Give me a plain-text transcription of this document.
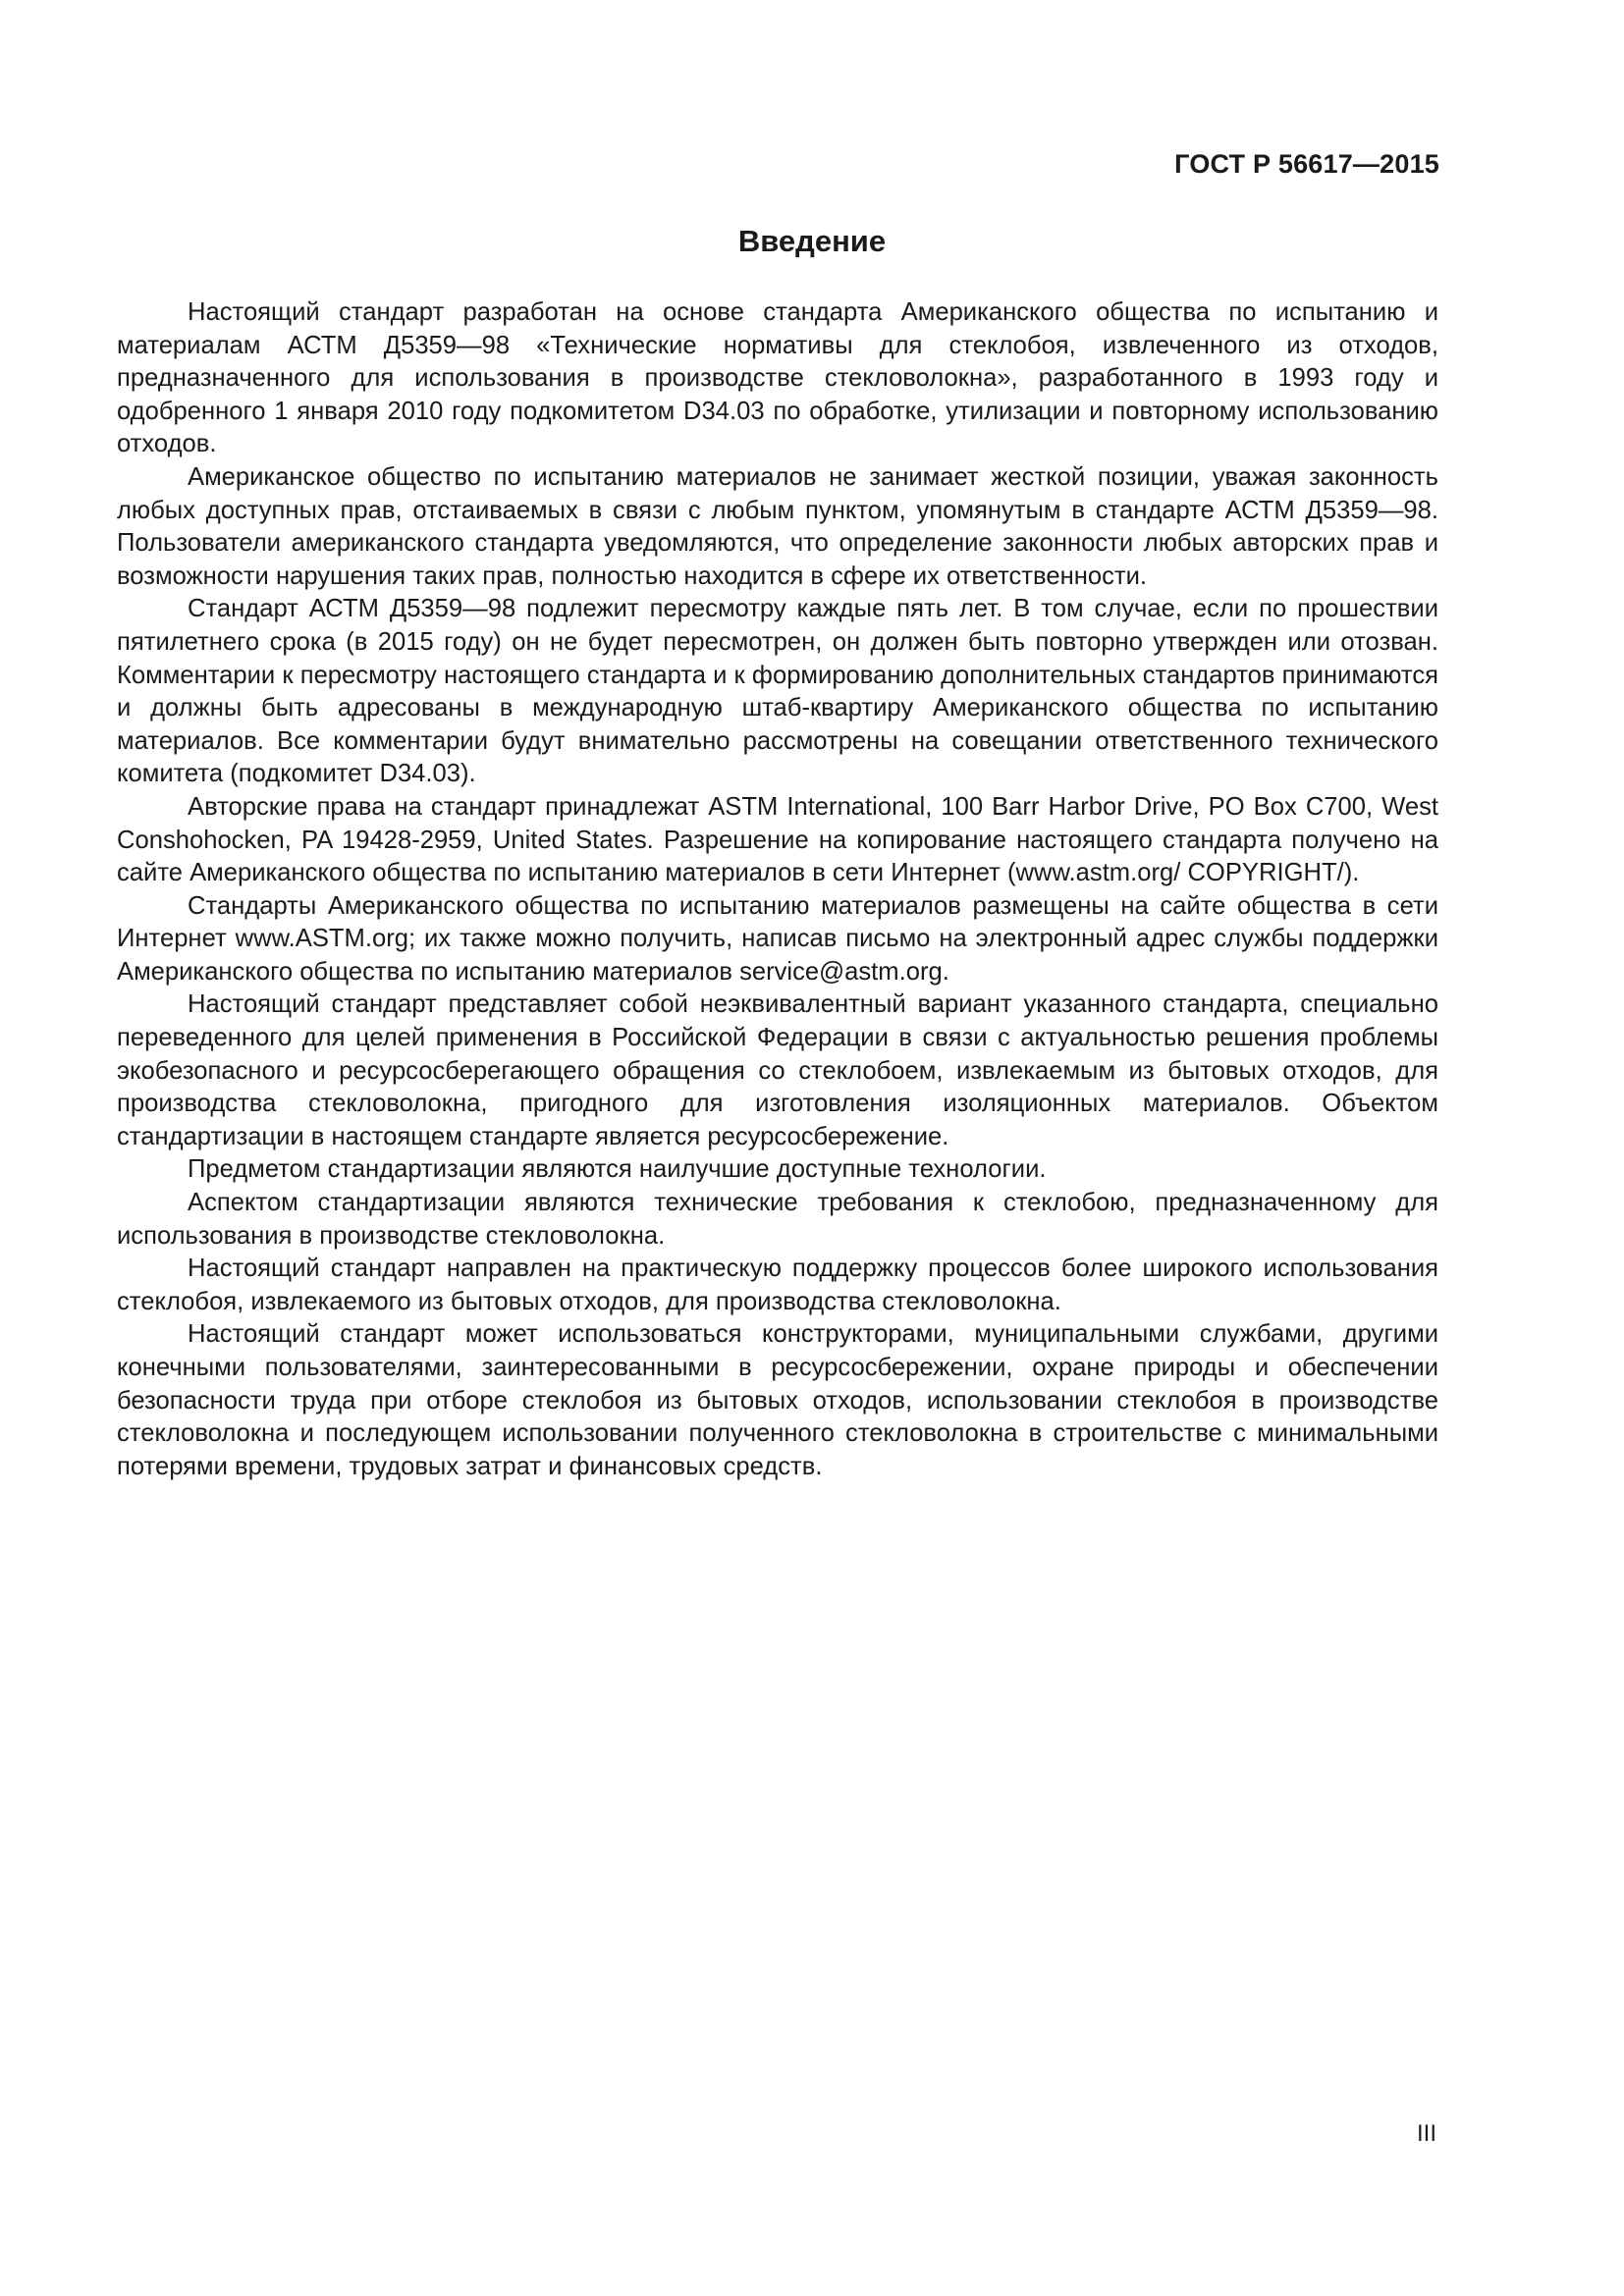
ГОСТ Р 56617—2015
Введение

Настоящий стандарт разработан на основе стандарта Американского общества по испытанию и материалам АСТМ Д5359—98 «Технические нормативы для стеклобоя, извлеченного из отходов, предназначенного для использования в производстве стекловолокна», разработанного в 1993 году и одобренного 1 января 2010 году подкомитетом D34.03 по обработке, утилизации и повторному использованию отходов.

Американское общество по испытанию материалов не занимает жесткой позиции, уважая законность любых доступных прав, отстаиваемых в связи с любым пунктом, упомянутым в стандарте АСТМ Д5359—98. Пользователи американского стандарта уведомляются, что определение законности любых авторских прав и возможности нарушения таких прав, полностью находится в сфере их ответственности.

Стандарт АСТМ Д5359—98 подлежит пересмотру каждые пять лет. В том случае, если по прошествии пятилетнего срока (в 2015 году) он не будет пересмотрен, он должен быть повторно утвержден или отозван. Комментарии к пересмотру настоящего стандарта и к формированию дополнительных стандартов принимаются и должны быть адресованы в международную штаб-квартиру Американского общества по испытанию материалов. Все комментарии будут внимательно рассмотрены на совещании ответственного технического комитета (подкомитет D34.03).

Авторские права на стандарт принадлежат ASTM International, 100 Barr Harbor Drive, PO Box C700, West Conshohocken, PA 19428-2959, United States. Разрешение на копирование настоящего стандарта получено на сайте Американского общества по испытанию материалов в сети Интернет (www.astm.org/ COPYRIGHT/).

Стандарты Американского общества по испытанию материалов размещены на сайте общества в сети Интернет www.ASTM.org; их также можно получить, написав письмо на электронный адрес службы поддержки Американского общества по испытанию материалов service@astm.org.

Настоящий стандарт представляет собой неэквивалентный вариант указанного стандарта, специально переведенного для целей применения в Российской Федерации в связи с актуальностью решения проблемы экобезопасного и ресурсосберегающего обращения со стеклобоем, извлекаемым из бытовых отходов, для производства стекловолокна, пригодного для изготовления изоляционных материалов. Объектом стандартизации в настоящем стандарте является ресурсосбережение.

Предметом стандартизации являются наилучшие доступные технологии.

Аспектом стандартизации являются технические требования к стеклобою, предназначенному для использования в производстве стекловолокна.

Настоящий стандарт направлен на практическую поддержку процессов более широкого использования стеклобоя, извлекаемого из бытовых отходов, для производства стекловолокна.

Настоящий стандарт может использоваться конструкторами, муниципальными службами, другими конечными пользователями, заинтересованными в ресурсосбережении, охране природы и обеспечении безопасности труда при отборе стеклобоя из бытовых отходов, использовании стеклобоя в производстве стекловолокна и последующем использовании полученного стекловолокна в строительстве с минимальными потерями времени, трудовых затрат и финансовых средств.

III
